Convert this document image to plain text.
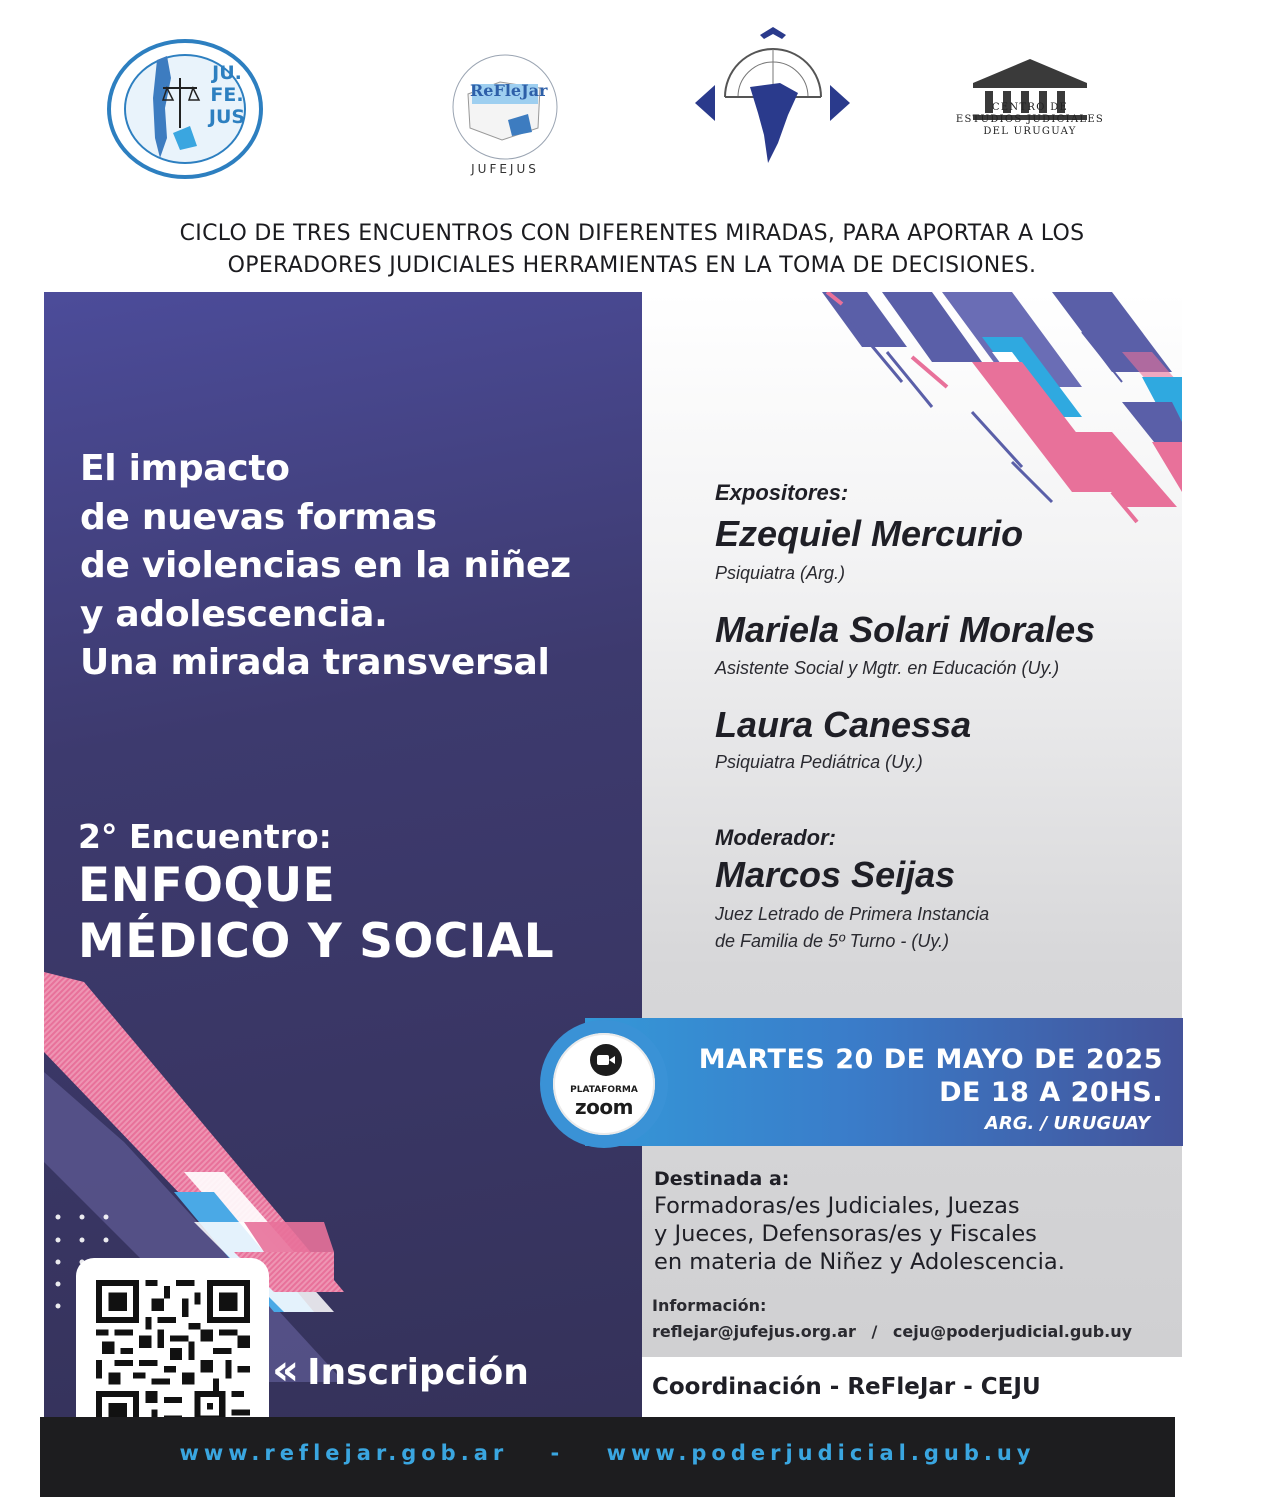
JU. FE. JUS
ReFleJar
JUFEJUS
CENTRO DE
ESTUDIOS JUDICIALES
DEL URUGUAY
CICLO DE TRES ENCUENTROS CON DIFERENTES MIRADAS, PARA APORTAR A LOS
OPERADORES JUDICIALES HERRAMIENTAS EN LA TOMA DE DECISIONES.
El impacto
de nuevas formas
de violencias en la niñez
y adolescencia.
Una mirada transversal
2° Encuentro:
ENFOQUE
MÉDICO Y SOCIAL
Expositores:
Ezequiel Mercurio
Psiquiatra (Arg.)
Mariela Solari Morales
Asistente Social y Mgtr. en Educación (Uy.)
Laura Canessa
Psiquiatra Pediátrica (Uy.)
Moderador:
Marcos Seijas
Juez Letrado de Primera Instancia
de Familia de 5º Turno - (Uy.)
MARTES 20 DE MAYO DE 2025
DE 18 A 20HS.
ARG. / URUGUAY
PLATAFORMA
zoom
Destinada a:
Formadoras/es Judiciales, Juezas
y Jueces, Defensoras/es y Fiscales
en materia de Niñez y Adolescencia.
Información:
reflejar@jufejus.org.ar / ceju@poderjudicial.gub.uy
Coordinación - ReFleJar - CEJU
« Inscripción
www.reflejar.gob.ar - www.poderjudicial.gub.uy
